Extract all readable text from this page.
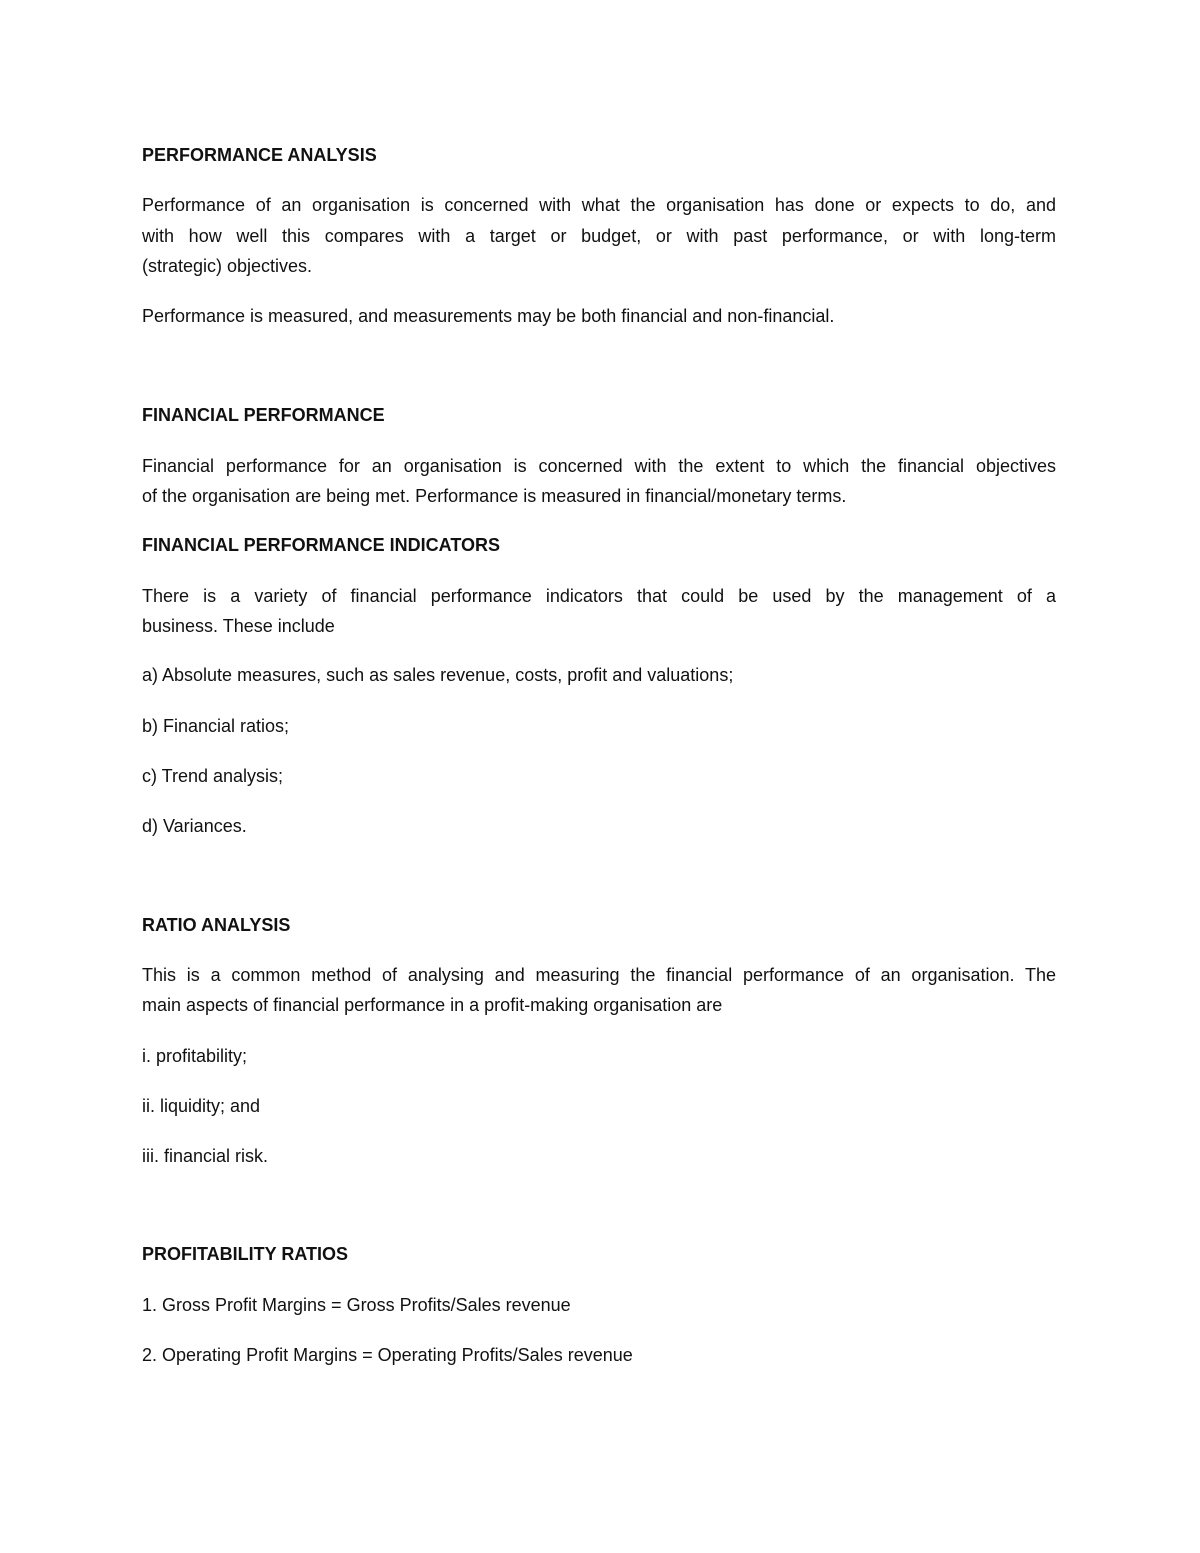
PERFORMANCE ANALYSIS
Performance of an organisation is concerned with what the organisation has done or expects to do, and
with how well this compares with a target or budget, or with past performance, or with long-term
(strategic) objectives.
Performance is measured, and measurements may be both financial and non-financial.
FINANCIAL PERFORMANCE
Financial performance for an organisation is concerned with the extent to which the financial objectives
of the organisation are being met. Performance is measured in financial/monetary terms.
FINANCIAL PERFORMANCE INDICATORS
There is a variety of financial performance indicators that could be used by the management of a
business. These include
a) Absolute measures, such as sales revenue, costs, profit and valuations;
b) Financial ratios;
c) Trend analysis;
d) Variances.
RATIO ANALYSIS
This is a common method of analysing and measuring the financial performance of an organisation. The
main aspects of financial performance in a profit-making organisation are
i. profitability;
ii. liquidity; and
iii. financial risk.
PROFITABILITY RATIOS
1. Gross Profit Margins = Gross Profits/Sales revenue
2. Operating Profit Margins = Operating Profits/Sales revenue
